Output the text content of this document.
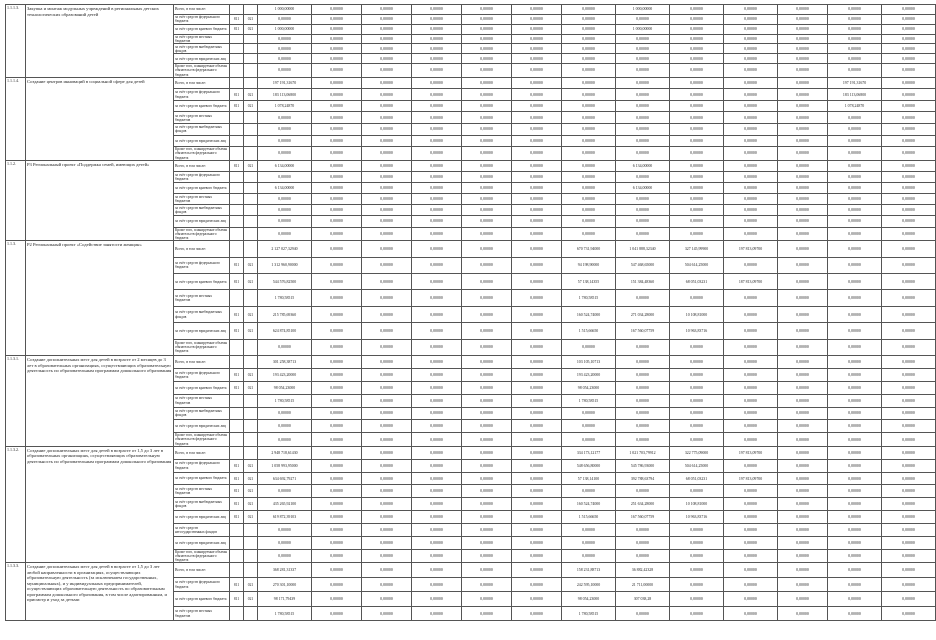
1.1.1.3.	Закупка и монтаж модульных учреждений в региональных детских технологических образований детей	Всего, в том числе:			1 000,00000	0,00000	0,00000	0,00000	0,00000	0,00000	0,00000	1 000,00000	0,00000	0,00000	0,00000	0,00000	0,00000
		за счёт средств федерального бюджета	811	021	0,00000	0,00000	0,00000	0,00000	0,00000	0,00000	0,00000	0,00000	0,00000	0,00000	0,00000	0,00000	0,00000
		за счёт средств краевого бюджета	811	021	1 000,00000	0,00000	0,00000	0,00000	0,00000	0,00000	0,00000	1 000,00000	0,00000	0,00000	0,00000	0,00000	0,00000
		за счёт средств местных бюджетов			0,00000	0,00000	0,00000	0,00000	0,00000	0,00000	0,00000	0,00000	0,00000	0,00000	0,00000	0,00000	0,00000
		за счёт средств внебюджетных фондов			0,00000	0,00000	0,00000	0,00000	0,00000	0,00000	0,00000	0,00000	0,00000	0,00000	0,00000	0,00000	0,00000
		за счёт средств юридических лиц			0,00000	0,00000	0,00000	0,00000	0,00000	0,00000	0,00000	0,00000	0,00000	0,00000	0,00000	0,00000	0,00000
		Кроме того, планируемые объемы обязательств федерального бюджета			0,00000	0,00000	0,00000	0,00000	0,00000	0,00000	0,00000	0,00000	0,00000	0,00000	0,00000	0,00000	0,00000
1.1.1.4.	Создание центров инноваций в социальной сфере для детей	Всего, в том числе:			197 191,31670	0,00000	0,00000	0,00000	0,00000	0,00000	0,00000	0,00000	0,00000	0,00000	0,00000	197 191,31670	0,00000
		за счёт средств федерального бюджета	811	021	183 113,06800	0,00000	0,00000	0,00000	0,00000	0,00000	0,00000	0,00000	0,00000	0,00000	0,00000	183 113,06800	0,00000
		за счёт средств краевого бюджета	811	021	1 078,24870	0,00000	0,00000	0,00000	0,00000	0,00000	0,00000	0,00000	0,00000	0,00000	0,00000	1 078,24870	0,00000
		за счёт средств местных бюджетов			0,00000	0,00000	0,00000	0,00000	0,00000	0,00000	0,00000	0,00000	0,00000	0,00000	0,00000	0,00000	0,00000
		за счёт средств внебюджетных фондов			0,00000	0,00000	0,00000	0,00000	0,00000	0,00000	0,00000	0,00000	0,00000	0,00000	0,00000	0,00000	0,00000
		за счёт средств юридических лиц			0,00000	0,00000	0,00000	0,00000	0,00000	0,00000	0,00000	0,00000	0,00000	0,00000	0,00000	0,00000	0,00000
		Кроме того, планируемые объемы обязательств федерального бюджета			0,00000	0,00000	0,00000	0,00000	0,00000	0,00000	0,00000	0,00000	0,00000	0,00000	0,00000	0,00000	0,00000
1.1.2.	Р3 Региональный проект «Поддержка семей, имеющих детей»	Всего, в том числе:	811	021	6 134,00000	0,00000	0,00000	0,00000	0,00000	0,00000	0,00000	6 134,00000	0,00000	0,00000	0,00000	0,00000	0,00000
		за счёт средств федерального бюджета			0,00000	0,00000	0,00000	0,00000	0,00000	0,00000	0,00000	0,00000	0,00000	0,00000	0,00000	0,00000	0,00000
		за счёт средств краевого бюджета			6 134,00000	0,00000	0,00000	0,00000	0,00000	0,00000	0,00000	6 134,00000	0,00000	0,00000	0,00000	0,00000	0,00000
		за счёт средств местных бюджетов			0,00000	0,00000	0,00000	0,00000	0,00000	0,00000	0,00000	0,00000	0,00000	0,00000	0,00000	0,00000	0,00000
		за счёт средств внебюджетных фондов			0,00000	0,00000	0,00000	0,00000	0,00000	0,00000	0,00000	0,00000	0,00000	0,00000	0,00000	0,00000	0,00000
		за счёт средств юридических лиц			0,00000	0,00000	0,00000	0,00000	0,00000	0,00000	0,00000	0,00000	0,00000	0,00000	0,00000	0,00000	0,00000
		Кроме того, планируемые объемы обязательств федерального бюджета			0,00000	0,00000	0,00000	0,00000	0,00000	0,00000	0,00000	0,00000	0,00000	0,00000	0,00000	0,00000	0,00000
1.1.3.	Р2 Региональный проект «Содействие занятости женщин»	Всего, в том числе:			2 127 027,32940	0,00000	0,00000	0,00000	0,00000	0,00000	670 731,94000	1 041 888,32340	327 145,99900	197 813,09700	0,00000	0,00000	0,00000
		за счёт средств федерального бюджета	811	021	1 312 960,90000	0,00000	0,00000	0,00000	0,00000	0,00000	94 198,90000	547 468,65000	504 614,25000	0,00000	0,00000	0,00000	0,00000
		за счёт средств краевого бюджета	811	021	544 576,82500	0,00000	0,00000	0,00000	0,00000	0,00000	57 138,14355	151 384,48360	68 051,03231	187 813,09700	0,00000	0,00000	0,00000
		за счёт средств местных бюджетов			1 780,58515	0,00000	0,00000	0,00000	0,00000	0,00000	1 780,58515	0,00000	0,00000	0,00000	0,00000	0,00000	0,00000
		за счёт средств внебюджетных фондов	811	021	215 785,69360	0,00000	0,00000	0,00000	0,00000	0,00000	160 524,74000	271 034,28000	10 108,81000	0,00000	0,00000	0,00000	0,00000
		за счёт средств юридических лиц	811	021	624 874,85100	0,00000	0,00000	0,00000	0,00000	0,00000	1 515,66650	167 560,07759	10 963,83716	0,00000	0,00000	0,00000	0,00000
		Кроме того, планируемые объемы обязательств федерального бюджета			0,00000	0,00000	0,00000	0,00000	0,00000	0,00000	0,00000	0,00000	0,00000	0,00000	0,00000	0,00000	0,00000
1.1.3.1.	Создание дополнительных мест для детей в возрасте от 2 месяцев до 3 лет в образовательных организациях, осуществляющих образовательную деятельность по образовательным программам дошкольного образования	Всего, в том числе:			301 258,38713	0,00000	0,00000	0,00000	0,00000	0,00000	103 105,10713	0,00000	0,00000	0,00000	0,00000	0,00000	0,00000
		за счёт средств федерального бюджета	811	021	193 423,20000	0,00000	0,00000	0,00000	0,00000	0,00000	193 423,20000	0,00000	0,00000	0,00000	0,00000	0,00000	0,00000
		за счёт средств краевого бюджета	811	021	98 054,23000	0,00000	0,00000	0,00000	0,00000	0,00000	98 054,23000	0,00000	0,00000	0,00000	0,00000	0,00000	0,00000
		за счёт средств местных бюджетов			1 780,58515	0,00000	0,00000	0,00000	0,00000	0,00000	1 780,58515	0,00000	0,00000	0,00000	0,00000	0,00000	0,00000
		за счёт средств внебюджетных фондов			0,00000	0,00000	0,00000	0,00000	0,00000	0,00000	0,00000	0,00000	0,00000	0,00000	0,00000	0,00000	0,00000
		за счёт средств юридических лиц			0,00000	0,00000	0,00000	0,00000	0,00000	0,00000	0,00000	0,00000	0,00000	0,00000	0,00000	0,00000	0,00000
		Кроме того, планируемые объемы обязательств федерального бюджета			0,00000	0,00000	0,00000	0,00000	0,00000	0,00000	0,00000	0,00000	0,00000	0,00000	0,00000	0,00000	0,00000
1.1.3.2.	Создание дополнительных мест для детей в возрасте от 1,5 до 3 лет в образовательных организациях, осуществляющих образовательную деятельность по образовательным программам дошкольного образования	Всего, в том числе:			2 948 718,61430	0,00000	0,00000	0,00000	0,00000	0,00000	334 173,12177	1 021 703,79912	322 775,09000	197 813,09700	0,00000	0,00000	0,00000
		за счёт средств федерального бюджета	811	021	1 058 993,95000	0,00000	0,00000	0,00000	0,00000	0,00000	548 656,80000	545 786,93000	504 614,25000	0,00000	0,00000	0,00000	0,00000
		за счёт средств краевого бюджета	811	021	634 692,79271	0,00000	0,00000	0,00000	0,00000	0,00000	57 138,14100	392 788,63794	68 051,03231	197 813,09700	0,00000	0,00000	0,00000
		за счёт средств местных бюджетов	811	021	0,00000	0,00000	0,00000	0,00000	0,00000	0,00000	0,00000	0,00000	0,00000	0,00000	0,00000	0,00000	0,00000
		за счёт средств внебюджетных фондов	811	021	435 265,92100	0,00000	0,00000	0,00000	0,00000	0,00000	160 524,74000	251 634,28000	10 108,81000	0,00000	0,00000	0,00000	0,00000
		за счёт средств юридических лиц	811	021	619 872,39103	0,00000	0,00000	0,00000	0,00000	0,00000	1 515,66650	167 560,07759	10 963,83716	0,00000	0,00000	0,00000	0,00000
		за счёт средств негосударственных фондов			0,00000	0,00000	0,00000	0,00000	0,00000	0,00000	0,00000	0,00000	0,00000	0,00000	0,00000	0,00000	0,00000
		за счёт средств юридических лиц			0,00000	0,00000	0,00000	0,00000	0,00000	0,00000	0,00000	0,00000	0,00000	0,00000	0,00000	0,00000	0,00000
		Кроме того, планируемые объемы обязательств федерального бюджета			0,00000	0,00000	0,00000	0,00000	0,00000	0,00000	0,00000	0,00000	0,00000	0,00000	0,00000	0,00000	0,00000
1.1.3.3.	Создание дополнительных мест для детей в возрасте от 1,5 до 3 лет любой направленности в организациях, осуществляющих образовательную деятельность (за исключением государственных, муниципальных), и у индивидуальных предпринимателей, осуществляющих образовательную деятельность по образовательным программам дошкольного образования, в том числе адаптированным, и присмотр и уход за детьми	Всего, в том числе:			368 281,31337	0,00000	0,00000	0,00000	0,00000	0,00000	158 231,88713	36 882,42328	0,00000	0,00000	0,00000	0,00000	0,00000
		за счёт средств федерального бюджета	811	021	270 301,10000	0,00000	0,00000	0,00000	0,00000	0,00000	242 595,10000	21 711,00000	0,00000	0,00000	0,00000	0,00000	0,00000
		за счёт средств краевого бюджета	811	021	98 171,79439	0,00000	0,00000	0,00000	0,00000	0,00000	98 054,23000	307 038,28	0,00000	0,00000	0,00000	0,00000	0,00000
		за счёт средств местных бюджетов			1 780,58515	0,00000	0,00000	0,00000	0,00000	0,00000	1 780,58515	0,00000	0,00000	0,00000	0,00000	0,00000	0,00000
